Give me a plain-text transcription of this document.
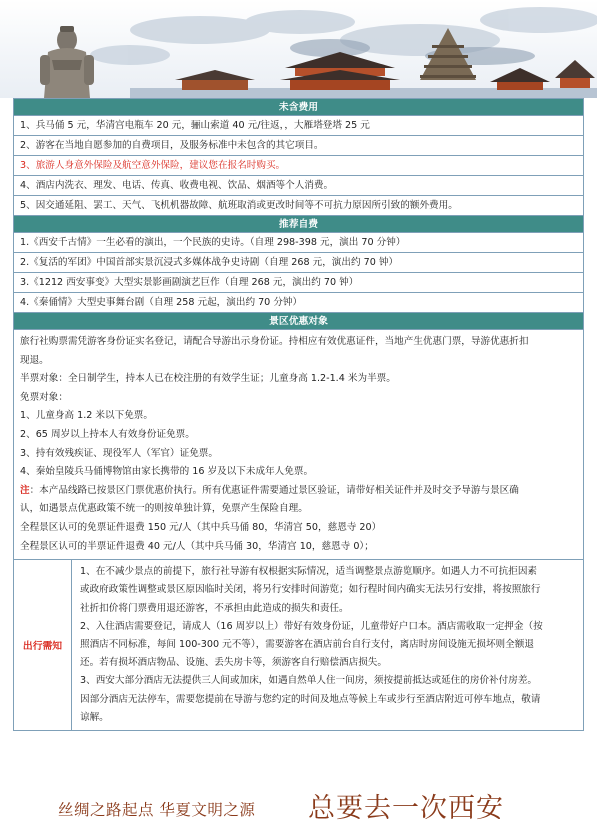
未含费用
1、兵马俑 5 元，华清宫电瓶车 20 元，骊山索道 40 元/往返，，大雁塔登塔 25 元
2、游客在当地自愿参加的自费项目，及服务标准中未包含的其它项目。
3、旅游人身意外保险及航空意外保险，建议您在报名时购买。
4、酒店内洗衣、理发、电话、传真、收费电视、饮品、烟酒等个人消费。
5、因交通延阻、罢工、天气、飞机机器故障、航班取消或更改时间等不可抗力原因所引致的额外费用。
推荐自费
1.《西安千古情》一生必看的演出，一个民族的史诗。（自理 298-398 元，演出 70 分钟）
2.《复活的军团》中国首部实景沉浸式多媒体战争史诗剧（自理 268 元，演出约 70 钟）
3.《1212 西安事变》大型实景影画剧演艺巨作（自理 268 元，演出约 70 钟）
4.《秦俑情》大型史事舞台剧（自理 258 元起，演出约 70 分钟）
景区优惠对象

旅行社购票需凭游客身份证实名登记，请配合导游出示身份证。持相应有效优惠证件，当地产生优惠门票，导游优惠折扣

现退。

半票对象：全日制学生，持本人已在校注册的有效学生证；儿童身高 1.2-1.4 米为半票。

免票对象：

1、儿童身高 1.2 米以下免票。

2、65 周岁以上持本人有效身份证免票。

3、持有效残疾证、现役军人（军官）证免票。

4、秦始皇陵兵马俑博物馆由家长携带的 16 岁及以下未成年人免票。

注：本产品线路已按景区门票优惠价执行。所有优惠证件需要通过景区验证，请带好相关证件并及时交予导游与景区确

认，如遇景点优惠政策不统一的则按单独计算，免票产生保险自理。

全程景区认可的免票证件退费 150 元/人（其中兵马俑 80，华清宫 50，慈恩寺 20）

全程景区认可的半票证件退费 40 元/人（其中兵马俑 30，华清宫 10，慈恩寺 0）；

出行需知

1、在不减少景点的前提下，旅行社导游有权根据实际情况，适当调整景点游览顺序。如遇人力不可抗拒因素

或政府政策性调整或景区原因临时关闭，将另行安排时间游览；如行程时间内确实无法另行安排，将按照旅行

社折扣价将门票费用退还游客，不承担由此造成的损失和责任。

2、入住酒店需要登记，请成人（16 周岁以上）带好有效身份证，儿童带好户口本。酒店需收取一定押金（按

照酒店不同标准，每间 100-300 元不等），需要游客在酒店前台自行支付，离店时房间设施无损坏则全额退

还。若有损坏酒店物品、设施、丢失房卡等，须游客自行赔偿酒店损失。

3、西安大部分酒店无法提供三人间或加床，如遇自然单人住一间房，须按提前抵达或延住的房价补付房差。

因部分酒店无法停车，需要您提前在导游与您约定的时间及地点等候上车或步行至酒店附近可停车地点，敬请

谅解。

丝绸之路起点 华夏文明之源 总要去一次西安
